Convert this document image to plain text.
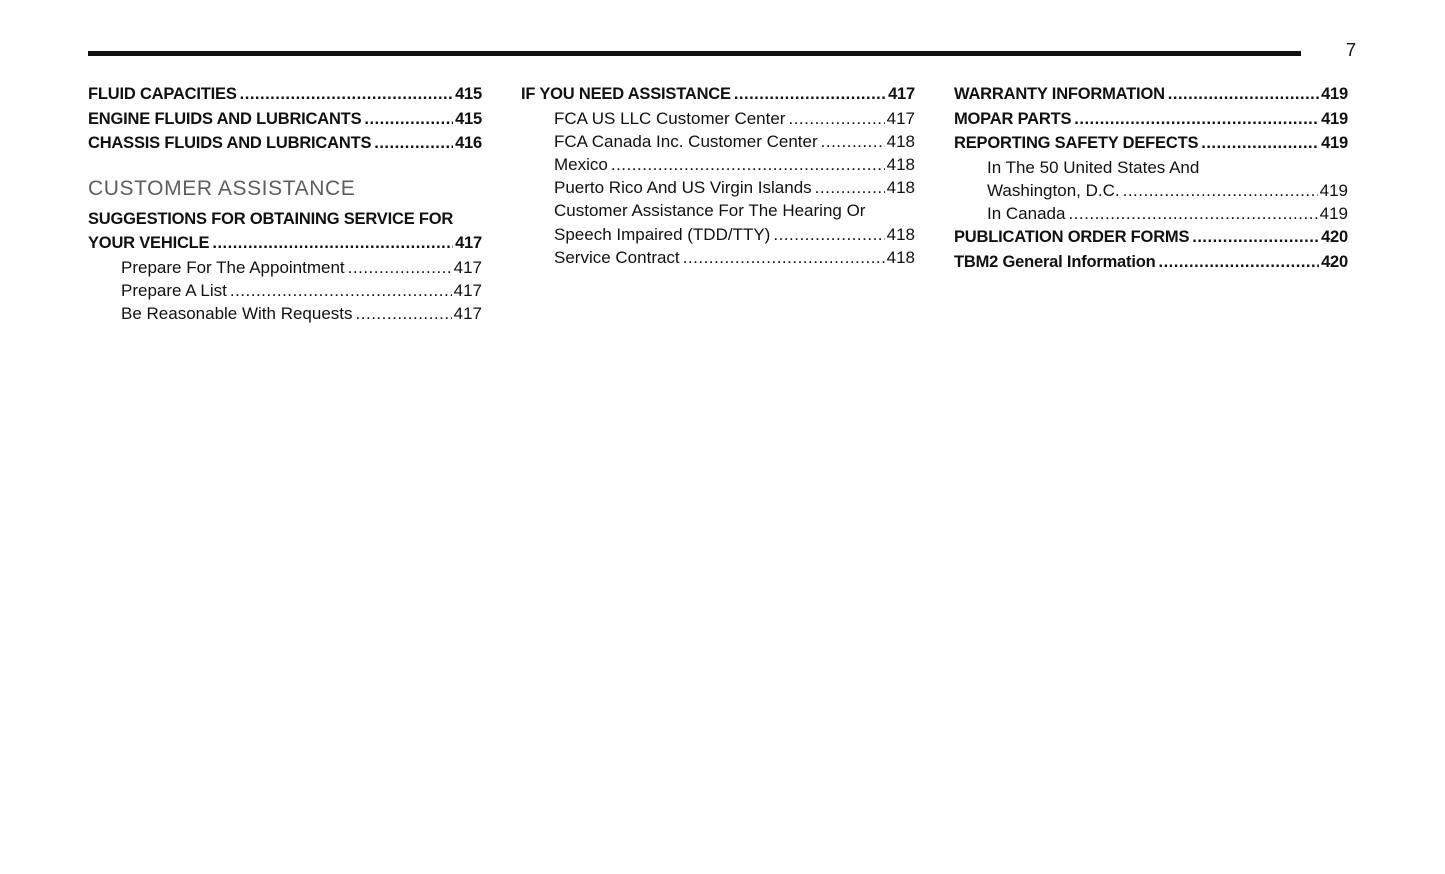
7
FLUID CAPACITIES .....	415
ENGINE FLUIDS AND LUBRICANTS .....	415
CHASSIS FLUIDS AND LUBRICANTS .....	416
CUSTOMER ASSISTANCE
SUGGESTIONS FOR OBTAINING SERVICE FOR
YOUR VEHICLE .....	417
Prepare For The Appointment .....	417
Prepare A List .....	417
Be Reasonable With Requests .....	417
IF YOU NEED ASSISTANCE .....	417
FCA US LLC Customer Center .....	417
FCA Canada Inc. Customer Center .....	418
Mexico .....	418
Puerto Rico And US Virgin Islands .....	418
Customer Assistance For The Hearing Or
Speech Impaired (TDD/TTY) .....	418
Service Contract .....	418
WARRANTY INFORMATION .....	419
MOPAR PARTS .....	419
REPORTING SAFETY DEFECTS .....	419
In The 50 United States And
Washington, D.C. .....	419
In Canada .....	419
PUBLICATION ORDER FORMS .....	420
TBM2 General Information .....	420
